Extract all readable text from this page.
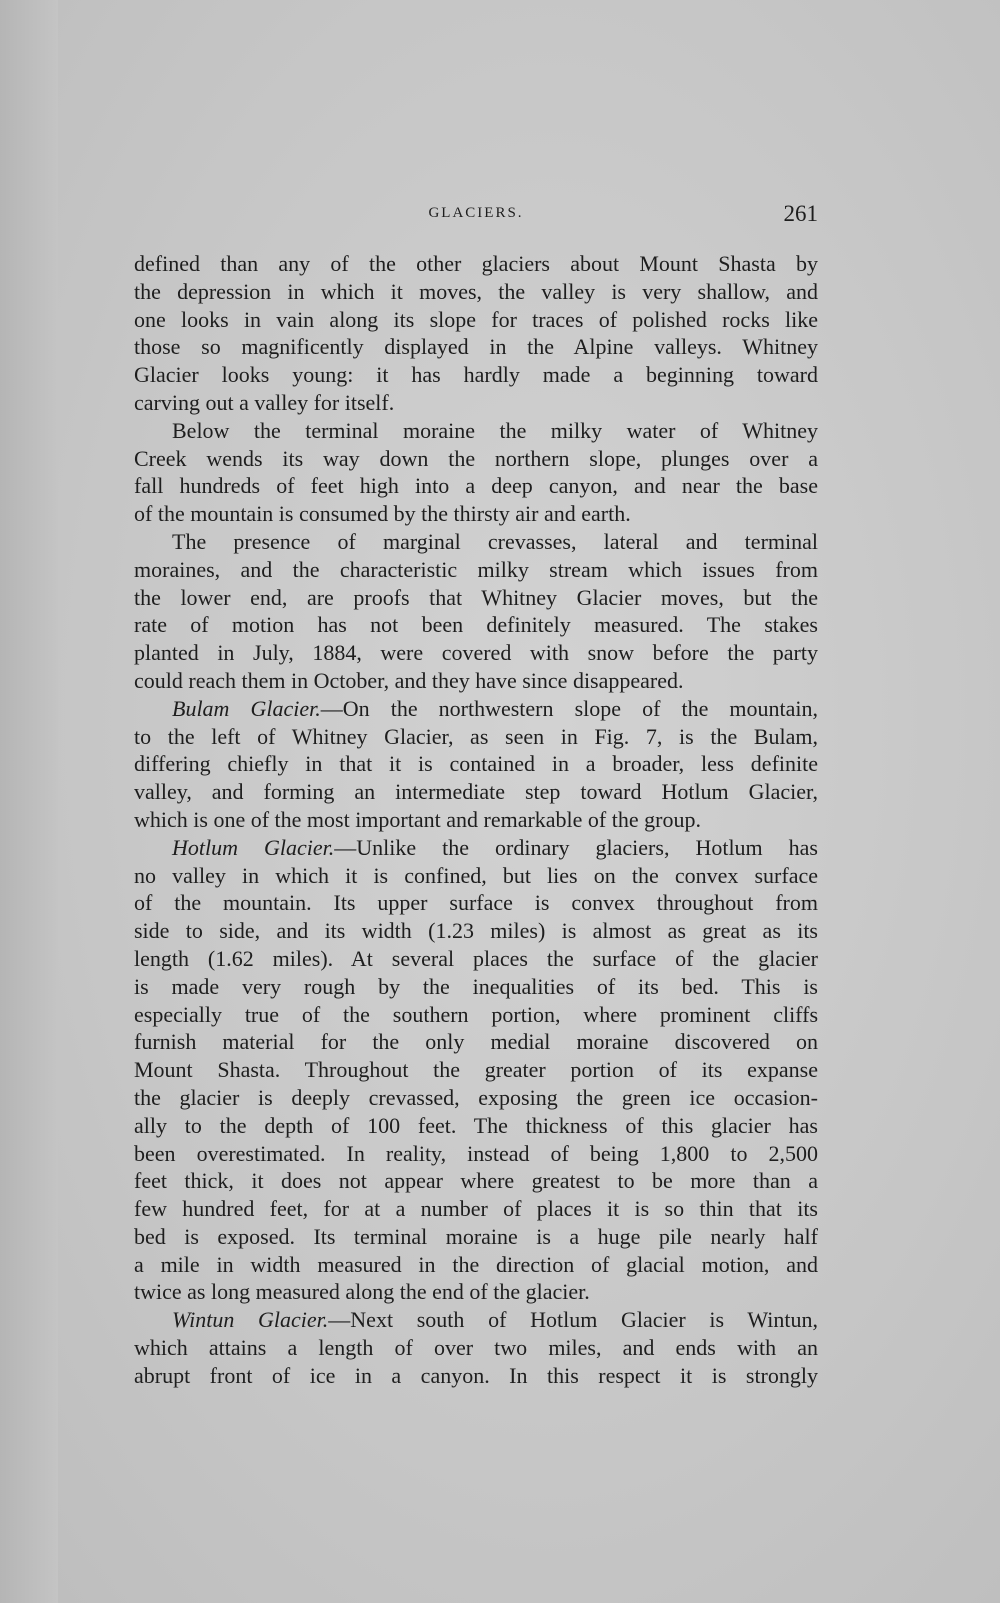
GLACIERS.	261
defined than any of the other glaciers about Mount Shasta by
the depression in which it moves, the valley is very shallow, and
one looks in vain along its slope for traces of polished rocks like
those so magnificently displayed in the Alpine valleys. Whitney
Glacier looks young: it has hardly made a beginning toward
carving out a valley for itself.
Below the terminal moraine the milky water of Whitney
Creek wends its way down the northern slope, plunges over a
fall hundreds of feet high into a deep canyon, and near the base
of the mountain is consumed by the thirsty air and earth.
The presence of marginal crevasses, lateral and terminal
moraines, and the characteristic milky stream which issues from
the lower end, are proofs that Whitney Glacier moves, but the
rate of motion has not been definitely measured. The stakes
planted in July, 1884, were covered with snow before the party
could reach them in October, and they have since disappeared.
Bulam Glacier.—On the northwestern slope of the mountain,
to the left of Whitney Glacier, as seen in Fig. 7, is the Bulam,
differing chiefly in that it is contained in a broader, less definite
valley, and forming an intermediate step toward Hotlum Glacier,
which is one of the most important and remarkable of the group.
Hotlum Glacier.—Unlike the ordinary glaciers, Hotlum has
no valley in which it is confined, but lies on the convex surface
of the mountain. Its upper surface is convex throughout from
side to side, and its width (1.23 miles) is almost as great as its
length (1.62 miles). At several places the surface of the glacier
is made very rough by the inequalities of its bed. This is
especially true of the southern portion, where prominent cliffs
furnish material for the only medial moraine discovered on
Mount Shasta. Throughout the greater portion of its expanse
the glacier is deeply crevassed, exposing the green ice occasion-
ally to the depth of 100 feet. The thickness of this glacier has
been overestimated. In reality, instead of being 1,800 to 2,500
feet thick, it does not appear where greatest to be more than a
few hundred feet, for at a number of places it is so thin that its
bed is exposed. Its terminal moraine is a huge pile nearly half
a mile in width measured in the direction of glacial motion, and
twice as long measured along the end of the glacier.
Wintun Glacier.—Next south of Hotlum Glacier is Wintun,
which attains a length of over two miles, and ends with an
abrupt front of ice in a canyon. In this respect it is strongly
